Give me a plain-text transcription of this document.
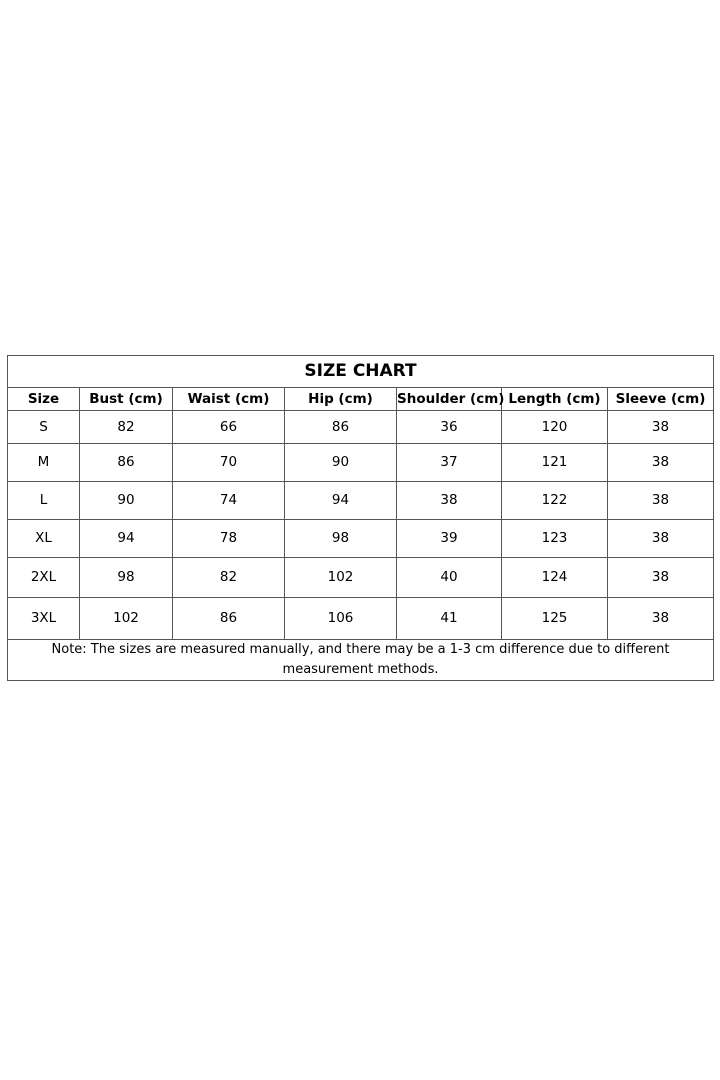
SIZE CHART						
Size	Bust (cm)	Waist (cm)	Hip (cm)	Shoulder (cm)	Length (cm)	Sleeve (cm)
S	82	66	86	36	120	38
M	86	70	90	37	121	38
L	90	74	94	38	122	38
XL	94	78	98	39	123	38
2XL	98	82	102	40	124	38
3XL	102	86	106	41	125	38
Note: The sizes are measured manually, and there may be a 1-3 cm difference due to different measurement methods.						
